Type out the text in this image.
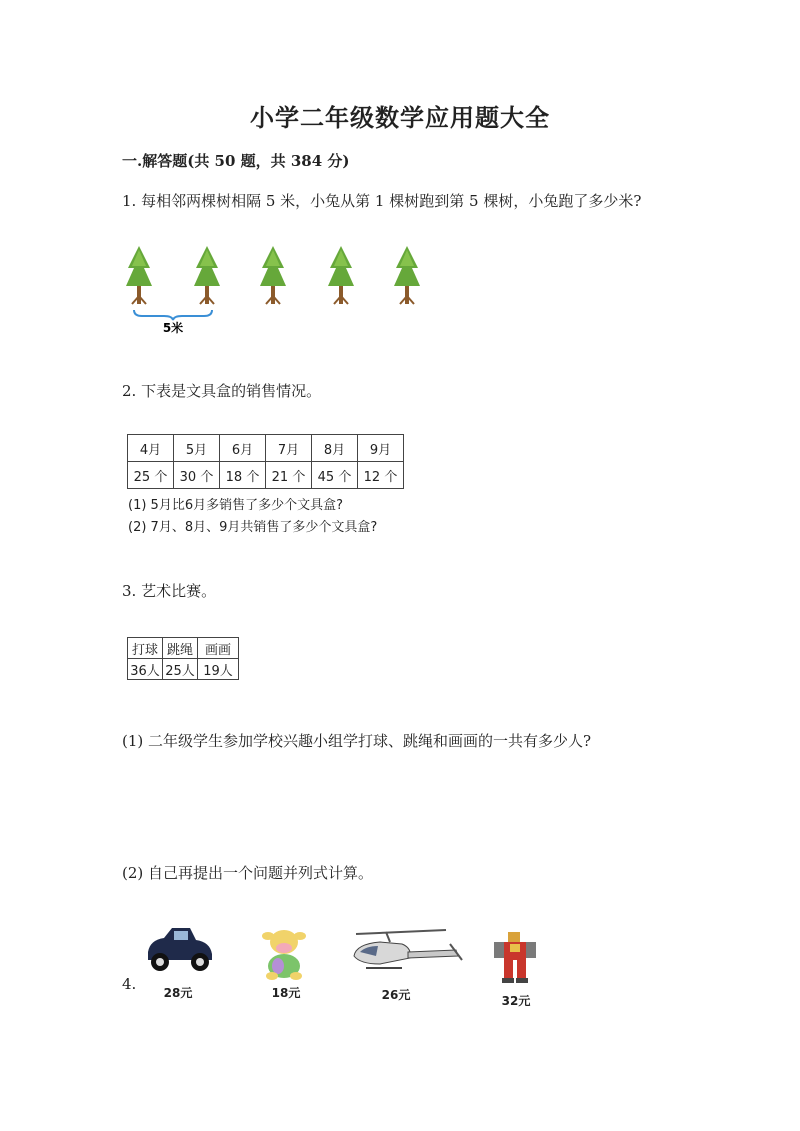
小学二年级数学应用题大全
一.解答题(共 50 题，共 384 分)
1. 每相邻两棵树相隔 5 米，小兔从第 1 棵树跑到第 5 棵树，小兔跑了多少米?
5米
2. 下表是文具盒的销售情况。
4月	5月	6月	7月	8月	9月
25 个	30 个	18 个	21 个	45 个	12 个
(1) 5月比6月多销售了多少个文具盒?
(2) 7月、8月、9月共销售了多少个文具盒?
3. 艺术比赛。
打球	跳绳	画画
36人	25人	19人
(1) 二年级学生参加学校兴趣小组学打球、跳绳和画画的一共有多少人?
(2) 自己再提出一个问题并列式计算。
4.	28元	18元	26元	32元
